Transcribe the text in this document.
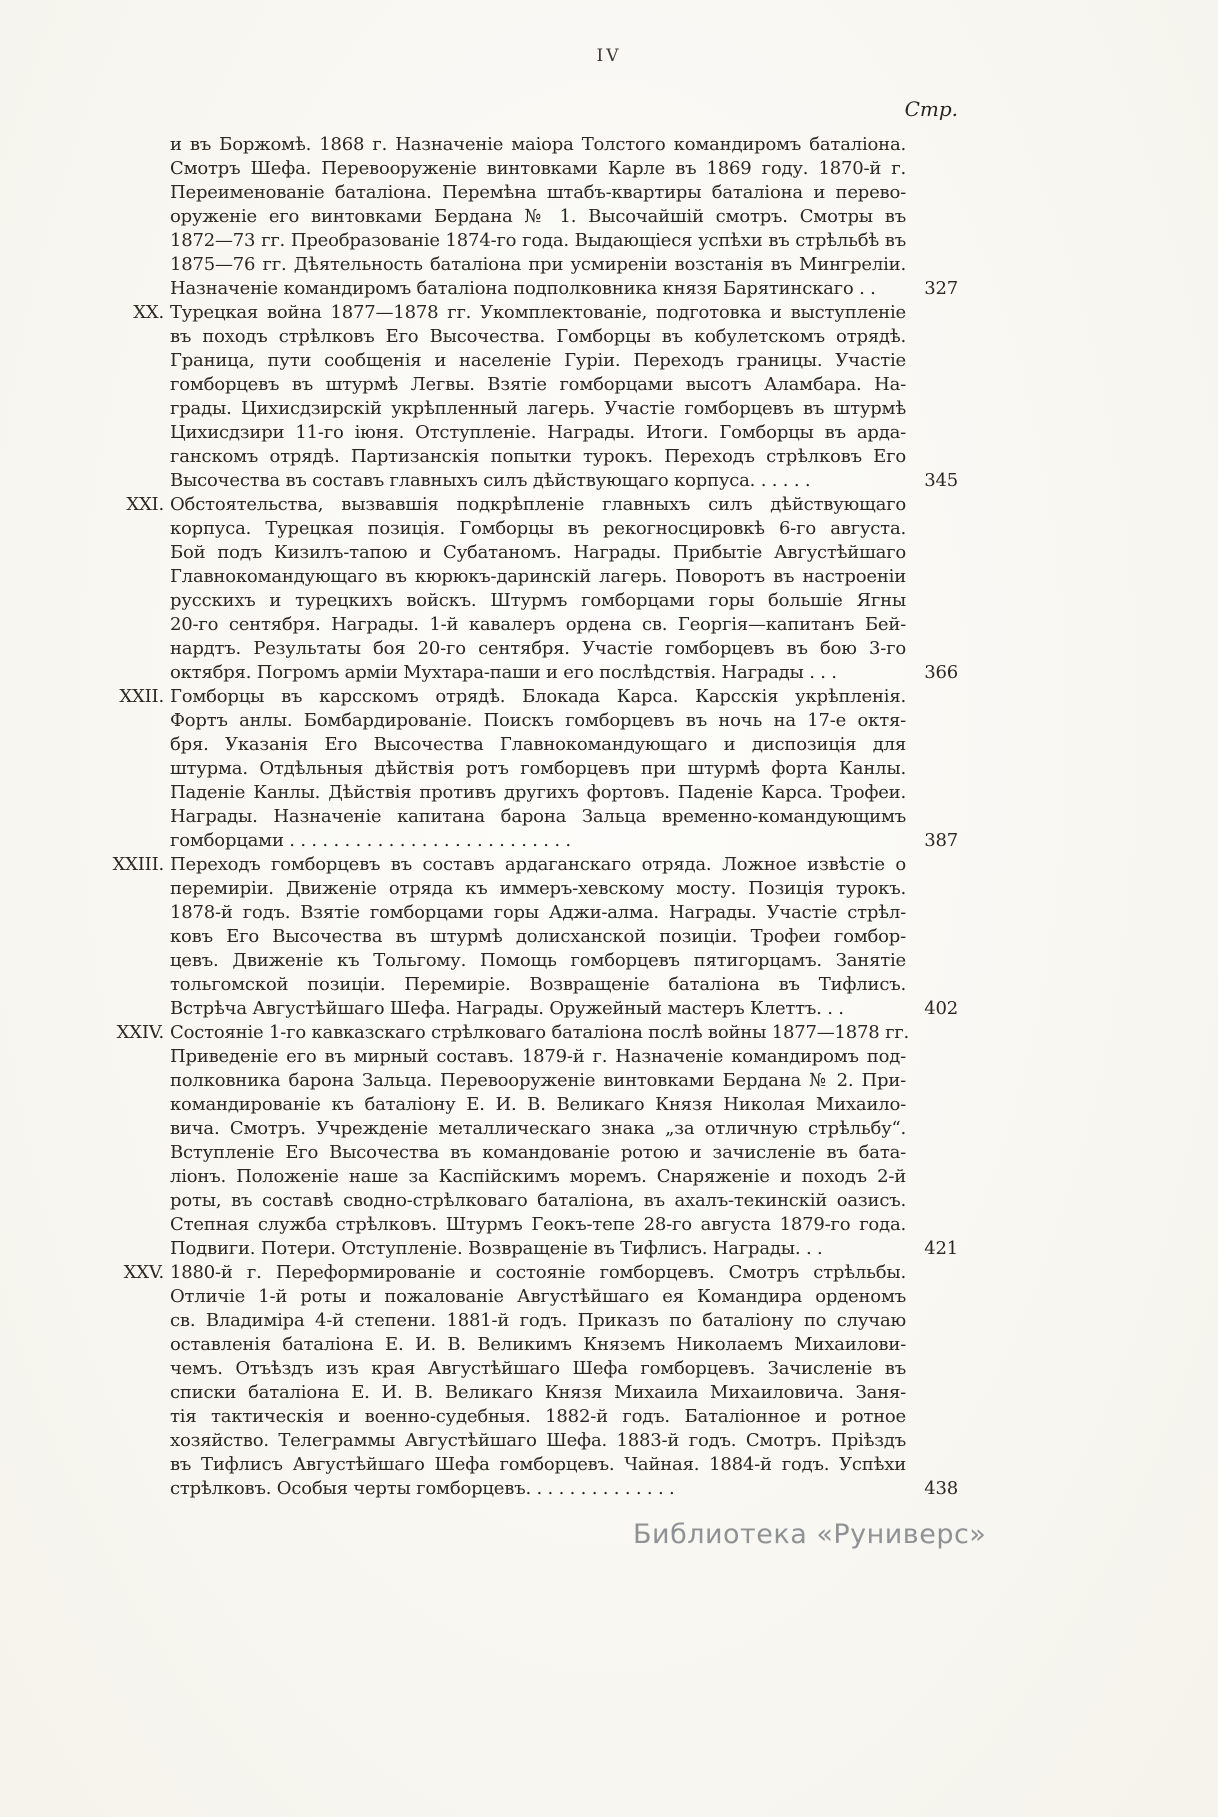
IV
Стр.
и въ Боржомѣ. 1868 г. Назначеніе маіора Толстого командиромъ баталіона.
Смотръ Шефа. Перевооруженіе винтовками Карле въ 1869 году. 1870-й г.
Переименованіе баталіона. Перемѣна штабъ-квартиры баталіона и перево-
оруженіе его винтовками Бердана № 1. Высочайшій смотръ. Смотры въ
1872—73 гг. Преобразованіе 1874-го года. Выдающіеся успѣхи въ стрѣльбѣ въ
1875—76 гг. Дѣятельность баталіона при усмиреніи возстанія въ Мингреліи.
Назначеніе командиромъ баталіона подполковника князя Барятинскаго . .	327
XX. Турецкая война 1877—1878 гг. Укомплектованіе, подготовка и выступленіе
въ походъ стрѣлковъ Его Высочества. Гомборцы въ кобулетскомъ отрядѣ.
Граница, пути сообщенія и населеніе Гуріи. Переходъ границы. Участіе
гомборцевъ въ штурмѣ Легвы. Взятіе гомборцами высотъ Аламбара. На-
грады. Цихисдзирскій укрѣпленный лагерь. Участіе гомборцевъ въ штурмѣ
Цихисдзири 11-го іюня. Отступленіе. Награды. Итоги. Гомборцы въ арда-
ганскомъ отрядѣ. Партизанскія попытки турокъ. Переходъ стрѣлковъ Его
Высочества въ составъ главныхъ силъ дѣйствующаго корпуса. . . . . .	345
XXI. Обстоятельства, вызвавшія подкрѣпленіе главныхъ силъ дѣйствующаго
корпуса. Турецкая позиція. Гомборцы въ рекогносцировкѣ 6-го августа.
Бой подъ Кизилъ-тапою и Субатаномъ. Награды. Прибытіе Августѣйшаго
Главнокомандующаго въ кюрюкъ-даринскій лагерь. Поворотъ въ настроеніи
русскихъ и турецкихъ войскъ. Штурмъ гомборцами горы большіе Ягны
20-го сентября. Награды. 1-й кавалеръ ордена св. Георгія—капитанъ Бей-
нардтъ. Результаты боя 20-го сентября. Участіе гомборцевъ въ бою 3-го
октября. Погромъ арміи Мухтара-паши и его послѣдствія. Награды . . .	366
XXII. Гомборцы въ карсскомъ отрядѣ. Блокада Карса. Карсскія укрѣпленія.
Фортъ анлы. Бомбардированіе. Поискъ гомборцевъ въ ночь на 17-е октя-
бря. Указанія Его Высочества Главнокомандующаго и диспозиція для
штурма. Отдѣльныя дѣйствія ротъ гомборцевъ при штурмѣ форта Канлы.
Паденіе Канлы. Дѣйствія противъ другихъ фортовъ. Паденіе Карса. Трофеи.
Награды. Назначеніе капитана барона Зальца временно-командующимъ
гомборцами . . . . . . . . . . . . . . . . . . . . . . . . . .	387
XXIII. Переходъ гомборцевъ въ составъ ардаганскаго отряда. Ложное извѣстіе о
перемиріи. Движеніе отряда къ иммеръ-хевскому мосту. Позиція турокъ.
1878-й годъ. Взятіе гомборцами горы Аджи-алма. Награды. Участіе стрѣл-
ковъ Его Высочества въ штурмѣ долисханской позиціи. Трофеи гомбор-
цевъ. Движеніе къ Тольгому. Помощь гомборцевъ пятигорцамъ. Занятіе
тольгомской позиціи. Перемиріе. Возвращеніе баталіона въ Тифлисъ.
Встрѣча Августѣйшаго Шефа. Награды. Оружейный мастеръ Клеттъ. . .	402
XXIV. Состояніе 1-го кавказскаго стрѣлковаго баталіона послѣ войны 1877—1878 гг.
Приведеніе его въ мирный составъ. 1879-й г. Назначеніе командиромъ под-
полковника барона Зальца. Перевооруженіе винтовками Бердана № 2. При-
командированіе къ баталіону Е. И. В. Великаго Князя Николая Михаило-
вича. Смотръ. Учрежденіе металлическаго знака „за отличную стрѣльбу“.
Вступленіе Его Высочества въ командованіе ротою и зачисленіе въ бата-
ліонъ. Положеніе наше за Каспійскимъ моремъ. Снаряженіе и походъ 2-й
роты, въ составѣ сводно-стрѣлковаго баталіона, въ ахалъ-текинскій оазисъ.
Степная служба стрѣлковъ. Штурмъ Геокъ-тепе 28-го августа 1879-го года.
Подвиги. Потери. Отступленіе. Возвращеніе въ Тифлисъ. Награды. . .	421
XXV. 1880-й г. Переформированіе и состояніе гомборцевъ. Смотръ стрѣльбы.
Отличіе 1-й роты и пожалованіе Августѣйшаго ея Командира орденомъ
св. Владиміра 4-й степени. 1881-й годъ. Приказъ по баталіону по случаю
оставленія баталіона Е. И. В. Великимъ Княземъ Николаемъ Михаилови-
чемъ. Отъѣздъ изъ края Августѣйшаго Шефа гомборцевъ. Зачисленіе въ
списки баталіона Е. И. В. Великаго Князя Михаила Михаиловича. Заня-
тія тактическія и военно-судебныя. 1882-й годъ. Баталіонное и ротное
хозяйство. Телеграммы Августѣйшаго Шефа. 1883-й годъ. Смотръ. Пріѣздъ
въ Тифлисъ Августѣйшаго Шефа гомборцевъ. Чайная. 1884-й годъ. Успѣхи
стрѣлковъ. Особыя черты гомборцевъ. . . . . . . . . . . . . .	438
Библиотека «Руниверс»
